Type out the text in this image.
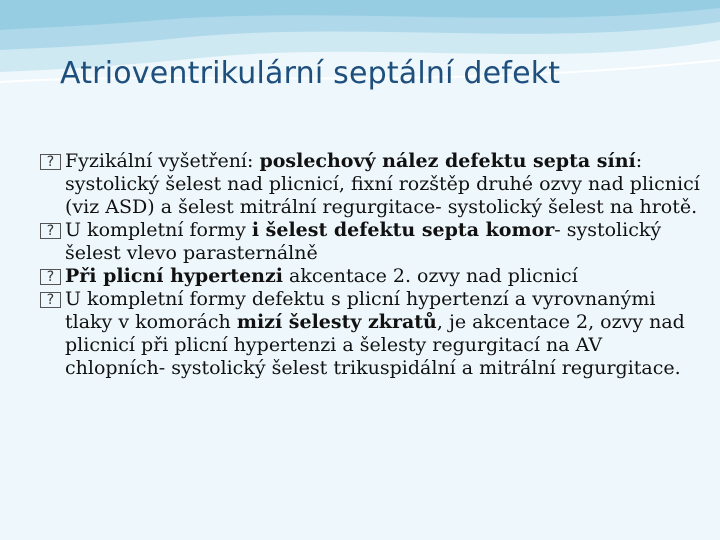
Atrioventrikulární septální defekt

? Fyzikální vyšetření: poslechový nález defektu septa síní: systolický šelest nad plicnicí, fixní rozštěp druhé ozvy nad plicnicí (viz ASD) a šelest mitrální regurgitace- systolický šelest na hrotě.

? U kompletní formy i šelest defektu septa komor- systolický šelest vlevo parasternálně

? Při plicní hypertenzi akcentace 2. ozvy nad plicnicí

? U kompletní formy defektu s plicní hypertenzí a vyrovnanými tlaky v komorách mizí šelesty zkratů, je akcentace 2, ozvy nad plicnicí při plicní hypertenzi a šelesty regurgitací na AV chlopních- systolický šelest trikuspidální a mitrální regurgitace.
